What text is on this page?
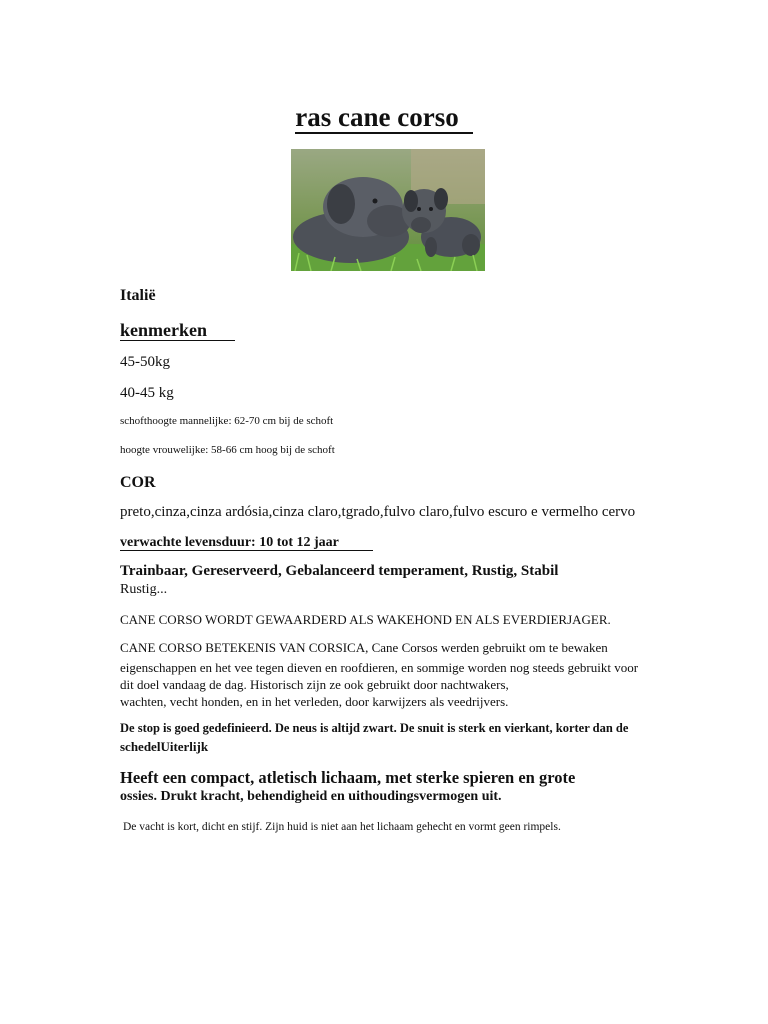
ras cane corso
Italië
kenmerken
45-50kg
40-45 kg
schofthoogte mannelijke: 62-70 cm bij de schoft
hoogte vrouwelijke: 58-66 cm hoog bij de schoft
COR
preto,cinza,cinza ardósia,cinza claro,tgrado,fulvo claro,fulvo escuro e vermelho cervo
verwachte levensduur: 10 tot 12 jaar
Trainbaar, Gereserveerd, Gebalanceerd temperament, Rustig, Stabil
Rustig...
CANE CORSO WORDT GEWAARDERD ALS WAKEHOND EN ALS EVERDIERJAGER.
CANE CORSO BETEKENIS VAN CORSICA, Cane Corsos werden gebruikt om te bewaken
eigenschappen en het vee tegen dieven en roofdieren, en sommige worden nog steeds gebruikt voor
dit doel vandaag de dag. Historisch zijn ze ook gebruikt door nachtwakers,
wachten, vecht honden, en in het verleden, door karwijzers als veedrijvers.
De stop is goed gedefinieerd. De neus is altijd zwart. De snuit is sterk en vierkant, korter dan de
schedelUiterlijk
Heeft een compact, atletisch lichaam, met sterke spieren en grote
ossies. Drukt kracht, behendigheid en uithoudingsvermogen uit.
De vacht is kort, dicht en stijf. Zijn huid is niet aan het lichaam gehecht en vormt geen rimpels.
